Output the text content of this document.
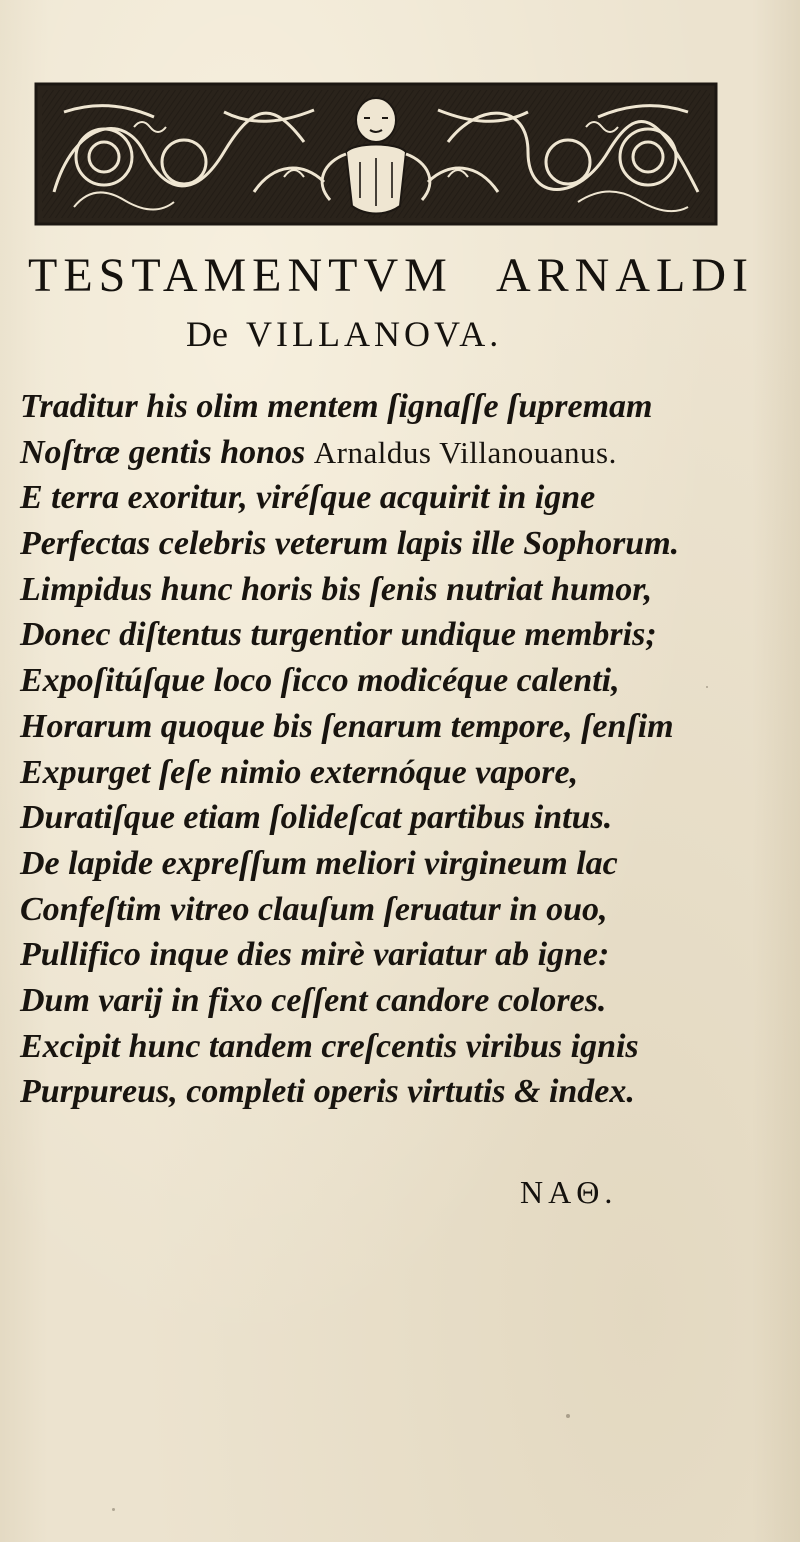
TESTAMENTVM ARNALDI
De VILLANOVA.
Traditur his olim mentem ſignaſſe ſupremam
Noſtræ gentis honos Arnaldus Villanouanus.
E terra exoritur, viréſque acquirit in igne
Perfectas celebris veterum lapis ille Sophorum.
Limpidus hunc horis bis ſenis nutriat humor,
Donec diſtentus turgentior undique membris;
Expoſitúſque loco ſicco modicéque calenti,
Horarum quoque bis ſenarum tempore, ſenſim
Expurget ſeſe nimio externóque vapore,
Duratiſque etiam ſolideſcat partibus intus.
De lapide expreſſum meliori virgineum lac
Confeſtim vitreo clauſum ſeruatur in ouo,
Pullifico inque dies mirè variatur ab igne:
Dum varij in fixo ceſſent candore colores.
Excipit hunc tandem creſcentis viribus ignis
Purpureus, completi operis virtutis & index.
NAΘ.
